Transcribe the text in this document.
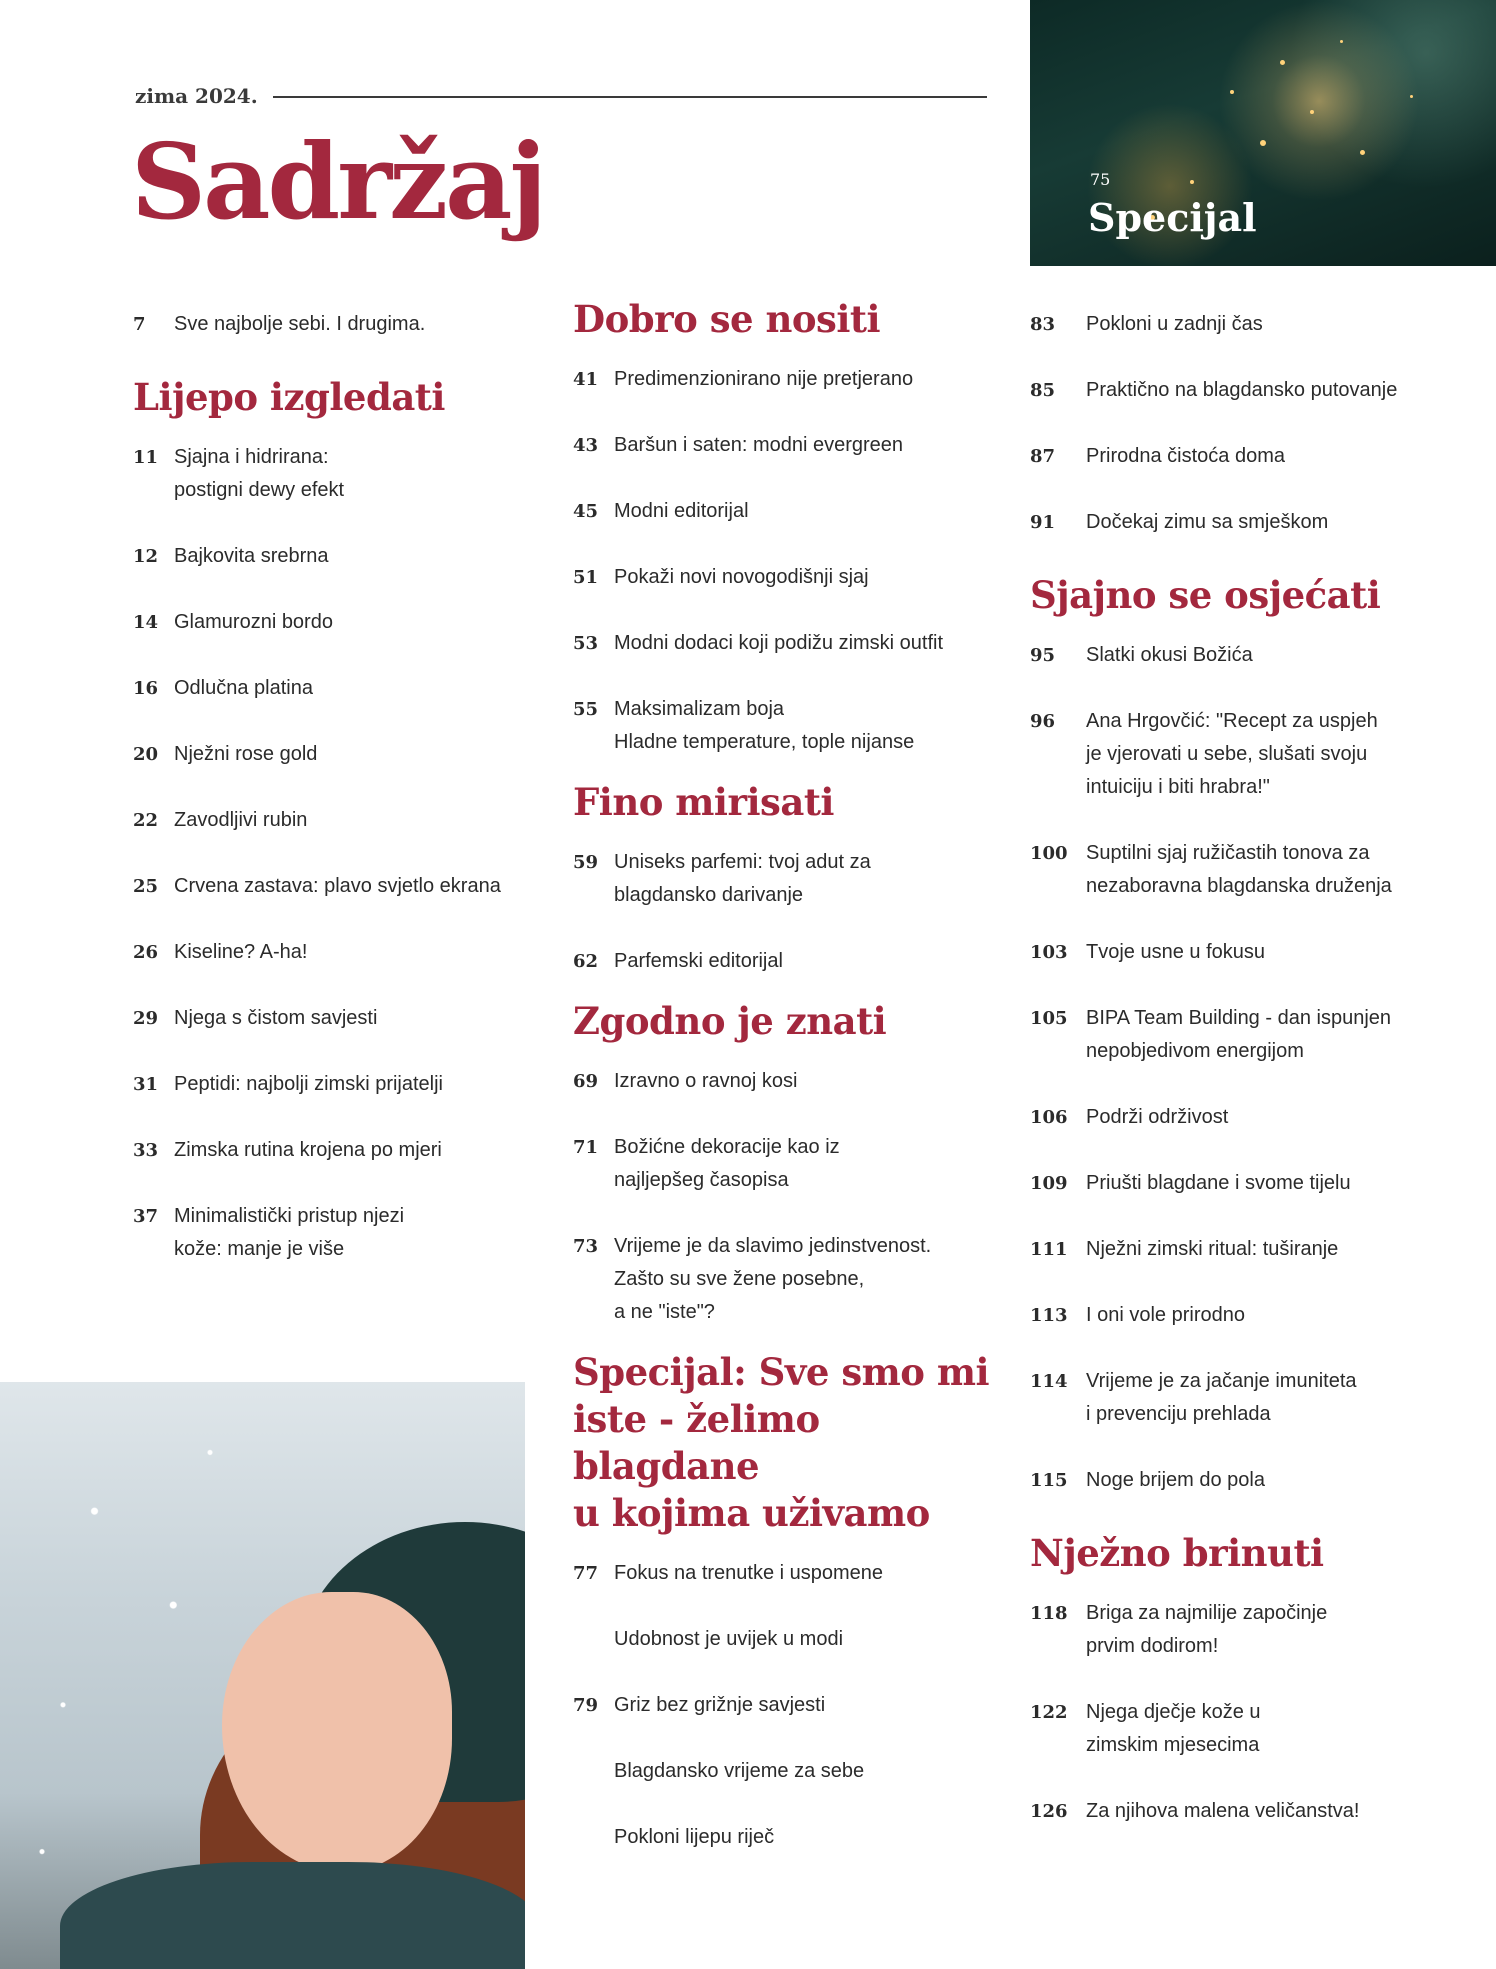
zima 2024.
Sadržaj	75
Specijal
7	Sve najbolje sebi. I drugima.
Lijepo izgledati
11 Sjajna i hidrirana:
postigni dewy efekt
12 Bajkovita srebrna
14 Glamurozni bordo
16 Odlučna platina
20 Nježni rose gold
22 Zavodljivi rubin
25 Crvena zastava: plavo svjetlo ekrana
26 Kiseline? A-ha!
29 Njega s čistom savjesti
31 Peptidi: najbolji zimski prijatelji
33 Zimska rutina krojena po mjeri
37 Minimalistički pristup njezi
kože: manje je više
Dobro se nositi
41 Predimenzionirano nije pretjerano
43 Baršun i saten: modni evergreen
45 Modni editorijal
51 Pokaži novi novogodišnji sjaj
53 Modni dodaci koji podižu zimski outfit
55 Maksimalizam boja
Hladne temperature, tople nijanse
Fino mirisati
59 Uniseks parfemi: tvoj adut za
blagdansko darivanje
62 Parfemski editorijal
Zgodno je znati
69 Izravno o ravnoj kosi
71 Božićne dekoracije kao iz
najljepšeg časopisa
73 Vrijeme je da slavimo jedinstvenost.
Zašto su sve žene posebne,
a ne "iste"?
Specijal: Sve smo mi
iste - želimo blagdane
u kojima uživamo
77 Fokus na trenutke i uspomene
Udobnost je uvijek u modi
79 Griz bez grižnje savjesti
Blagdansko vrijeme za sebe
Pokloni lijepu riječ
83	Pokloni u zadnji čas
85	Praktično na blagdansko putovanje
87	Prirodna čistoća doma
91	Dočekaj zimu sa smješkom
Sjajno se osjećati
95	Slatki okusi Božića
96	Ana Hrgovčić: "Recept za uspjeh
je vjerovati u sebe, slušati svoju
intuiciju i biti hrabra!"
100 Suptilni sjaj ružičastih tonova za
nezaboravna blagdanska druženja
103 Tvoje usne u fokusu
105 BIPA Team Building - dan ispunjen
nepobjedivom energijom
106 Podrži održivost
109 Priušti blagdane i svome tijelu
111 Nježni zimski ritual: tuširanje
113 I oni vole prirodno
114 Vrijeme je za jačanje imuniteta
i prevenciju prehlada
115 Noge brijem do pola
Nježno brinuti
118 Briga za najmilije započinje
prvim dodirom!
122 Njega dječje kože u
zimskim mjesecima
126 Za njihova malena veličanstva!
